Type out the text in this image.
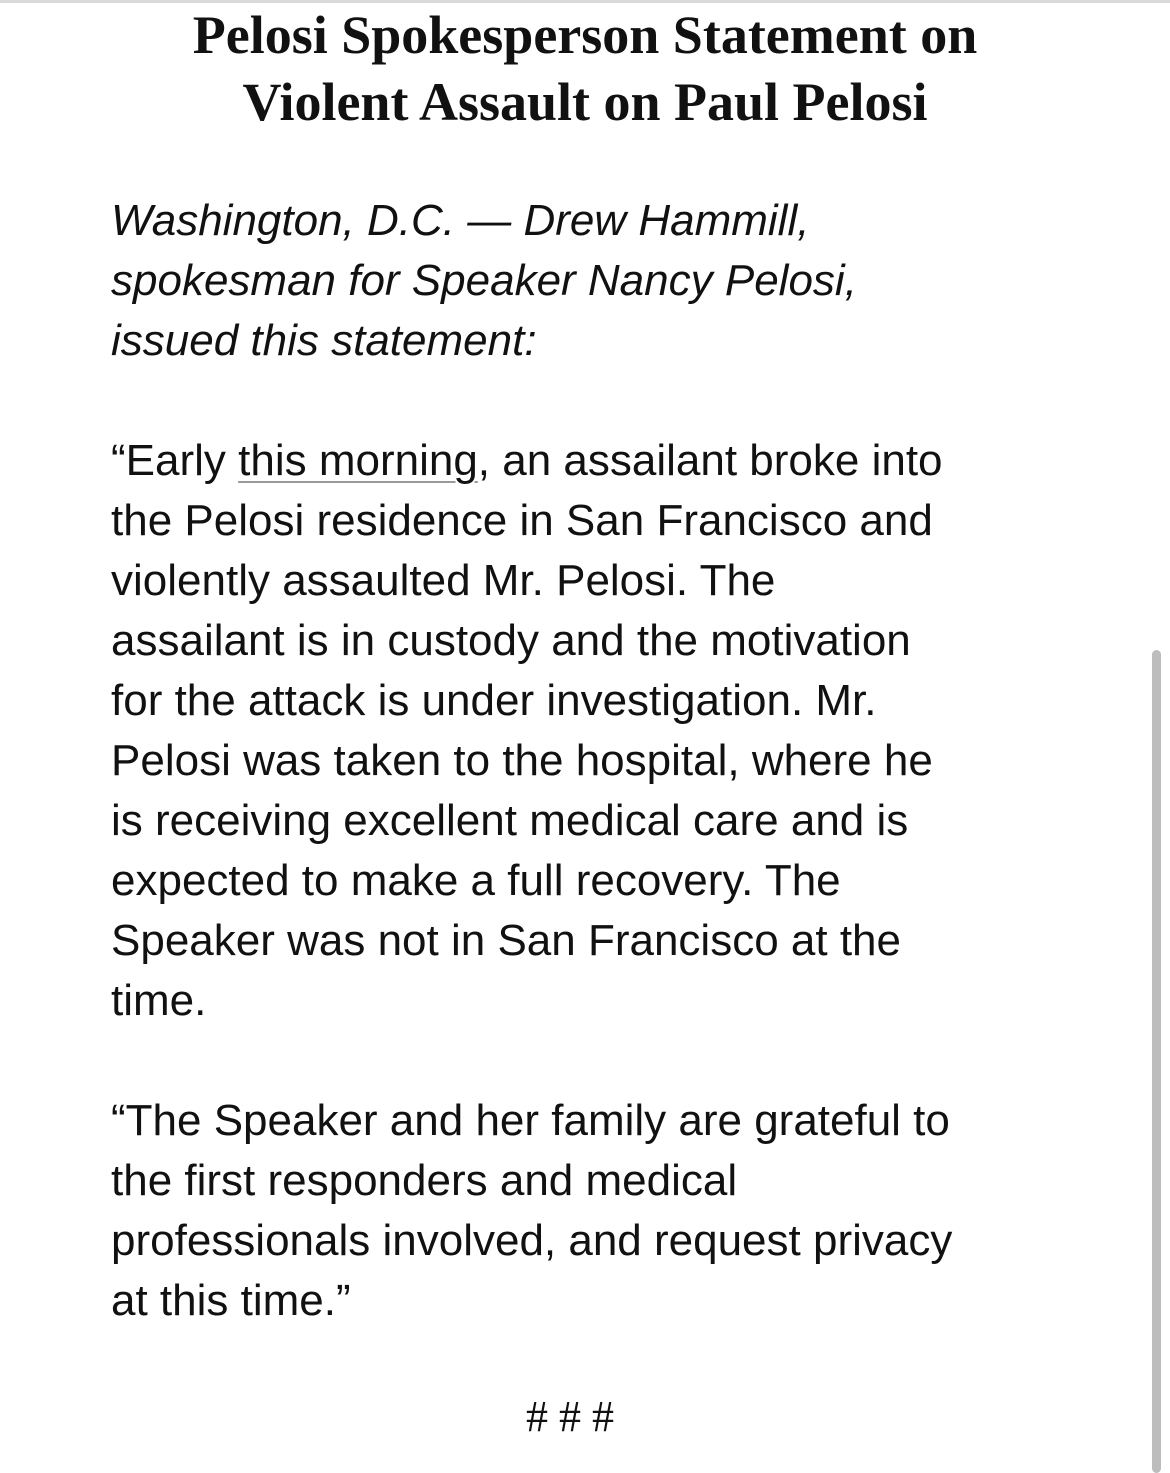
Pelosi Spokesperson Statement on
Violent Assault on Paul Pelosi

Washington, D.C. — Drew Hammill,
spokesman for Speaker Nancy Pelosi,
issued this statement:

“Early this morning, an assailant broke into
the Pelosi residence in San Francisco and
violently assaulted Mr. Pelosi. The
assailant is in custody and the motivation
for the attack is under investigation. Mr.
Pelosi was taken to the hospital, where he
is receiving excellent medical care and is
expected to make a full recovery. The
Speaker was not in San Francisco at the
time.

“The Speaker and her family are grateful to
the first responders and medical
professionals involved, and request privacy
at this time.”

# # #
